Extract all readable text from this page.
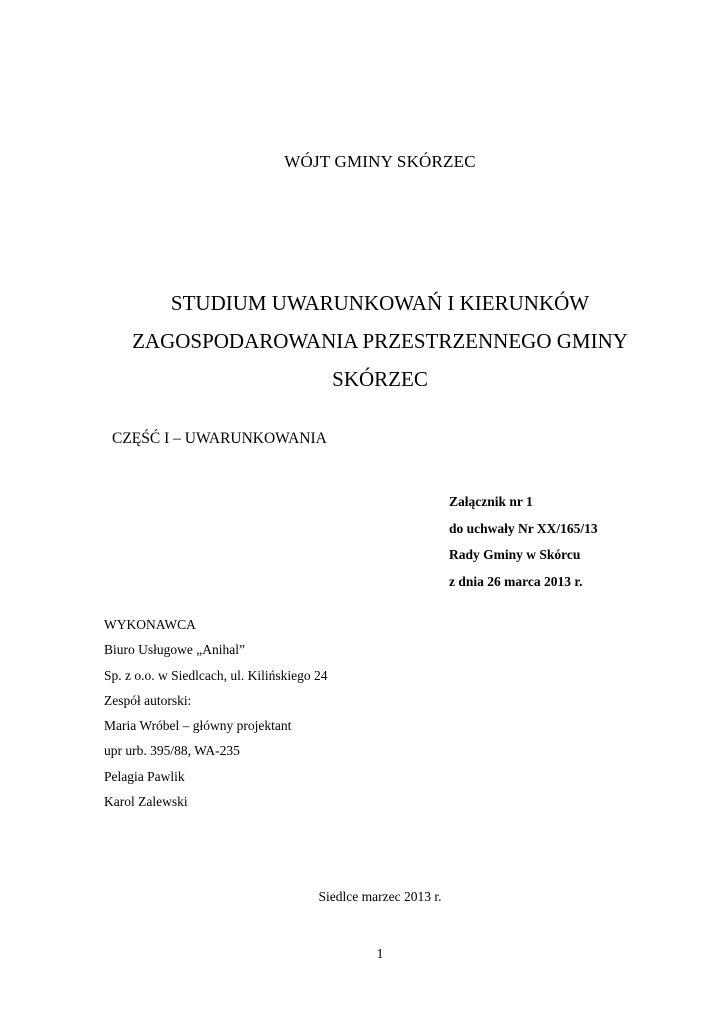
WÓJT GMINY SKÓRZEC
STUDIUM UWARUNKOWAŃ I KIERUNKÓW
ZAGOSPODAROWANIA PRZESTRZENNEGO GMINY
SKÓRZEC
CZĘŚĆ I – UWARUNKOWANIA
Załącznik nr 1
do uchwały Nr XX/165/13
Rady Gminy w Skórcu
z dnia 26 marca 2013 r.
WYKONAWCA
Biuro Usługowe „Anihal”
Sp. z o.o. w Siedlcach, ul. Kilińskiego 24
Zespół autorski:
Maria Wróbel – główny projektant
upr urb. 395/88, WA-235
Pelagia Pawlik
Karol Zalewski
Siedlce marzec 2013 r.
1
